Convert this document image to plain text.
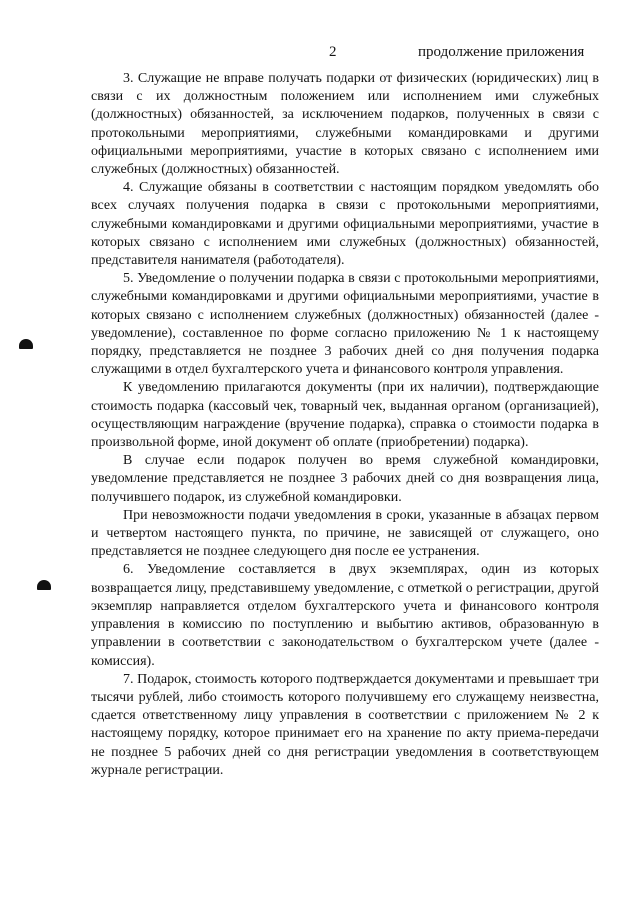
2	продолжение приложения

3. Служащие не вправе получать подарки от физических (юридических) лиц в связи с их должностным положением или исполнением ими служебных (должностных) обязанностей, за исключением подарков, полученных в связи с протокольными мероприятиями, служебными командировками и другими официальными мероприятиями, участие в которых связано с исполнением ими служебных (должностных) обязанностей.

4. Служащие обязаны в соответствии с настоящим порядком уведомлять обо всех случаях получения подарка в связи с протокольными мероприятиями, служебными командировками и другими официальными мероприятиями, участие в которых связано с исполнением ими служебных (должностных) обязанностей, представителя нанимателя (работодателя).

5. Уведомление о получении подарка в связи с протокольными мероприятиями, служебными командировками и другими официальными мероприятиями, участие в которых связано с исполнением служебных (должностных) обязанностей (далее - уведомление), составленное по форме согласно приложению № 1 к настоящему порядку, представляется не позднее 3 рабочих дней со дня получения подарка служащими в отдел бухгалтерского учета и финансового контроля управления.

К уведомлению прилагаются документы (при их наличии), подтверждающие стоимость подарка (кассовый чек, товарный чек, выданная органом (организацией), осуществляющим награждение (вручение подарка), справка о стоимости подарка в произвольной форме, иной документ об оплате (приобретении) подарка).

В случае если подарок получен во время служебной командировки, уведомление представляется не позднее 3 рабочих дней со дня возвращения лица, получившего подарок, из служебной командировки.

При невозможности подачи уведомления в сроки, указанные в абзацах первом и четвертом настоящего пункта, по причине, не зависящей от служащего, оно представляется не позднее следующего дня после ее устранения.

6. Уведомление составляется в двух экземплярах, один из которых возвращается лицу, представившему уведомление, с отметкой о регистрации, другой экземпляр направляется отделом бухгалтерского учета и финансового контроля управления в комиссию по поступлению и выбытию активов, образованную в управлении в соответствии с законодательством о бухгалтерском учете (далее - комиссия).

7. Подарок, стоимость которого подтверждается документами и превышает три тысячи рублей, либо стоимость которого получившему его служащему неизвестна, сдается ответственному лицу управления в соответствии с приложением № 2 к настоящему порядку, которое принимает его на хранение по акту приема-передачи не позднее 5 рабочих дней со дня регистрации уведомления в соответствующем журнале регистрации.
